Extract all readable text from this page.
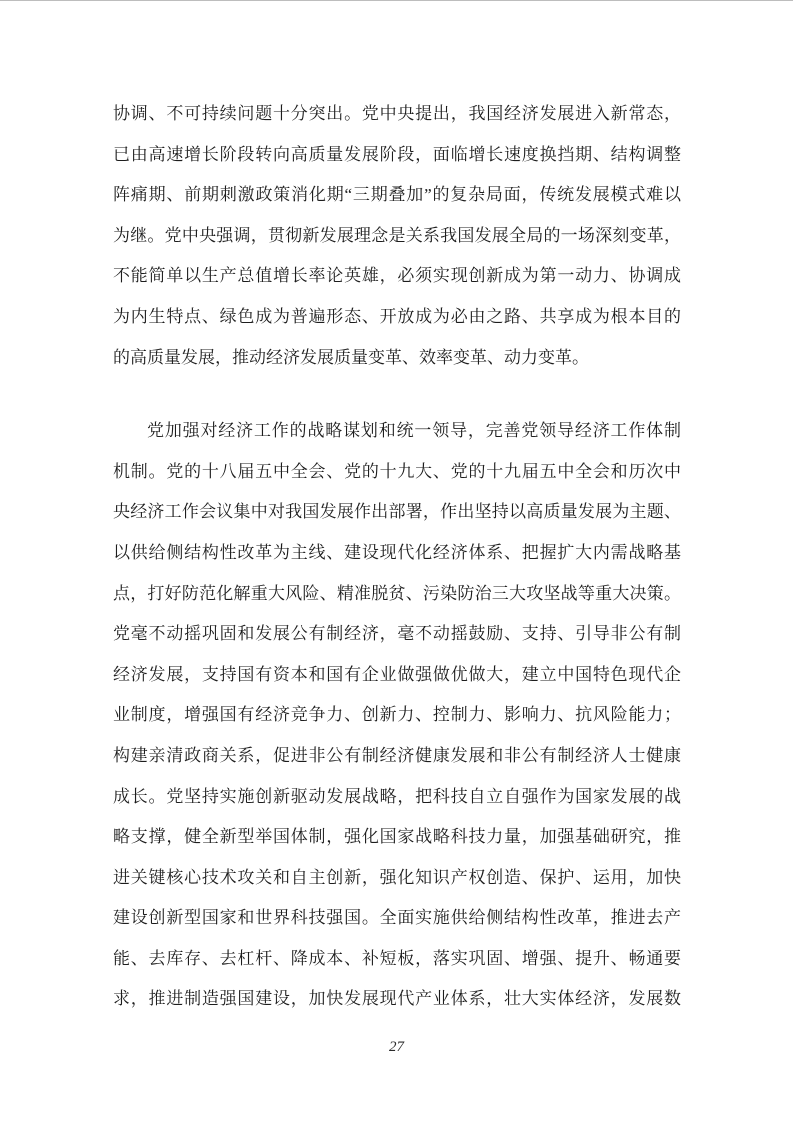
协调、不可持续问题十分突出。党中央提出，我国经济发展进入新常态，
已由高速增长阶段转向高质量发展阶段，面临增长速度换挡期、结构调整
阵痛期、前期刺激政策消化期“三期叠加”的复杂局面，传统发展模式难以
为继。党中央强调，贯彻新发展理念是关系我国发展全局的一场深刻变革，
不能简单以生产总值增长率论英雄，必须实现创新成为第一动力、协调成
为内生特点、绿色成为普遍形态、开放成为必由之路、共享成为根本目的
的高质量发展，推动经济发展质量变革、效率变革、动力变革。
党加强对经济工作的战略谋划和统一领导，完善党领导经济工作体制
机制。党的十八届五中全会、党的十九大、党的十九届五中全会和历次中
央经济工作会议集中对我国发展作出部署，作出坚持以高质量发展为主题、
以供给侧结构性改革为主线、建设现代化经济体系、把握扩大内需战略基
点，打好防范化解重大风险、精准脱贫、污染防治三大攻坚战等重大决策。
党毫不动摇巩固和发展公有制经济，毫不动摇鼓励、支持、引导非公有制
经济发展，支持国有资本和国有企业做强做优做大，建立中国特色现代企
业制度，增强国有经济竞争力、创新力、控制力、影响力、抗风险能力；
构建亲清政商关系，促进非公有制经济健康发展和非公有制经济人士健康
成长。党坚持实施创新驱动发展战略，把科技自立自强作为国家发展的战
略支撑，健全新型举国体制，强化国家战略科技力量，加强基础研究，推
进关键核心技术攻关和自主创新，强化知识产权创造、保护、运用，加快
建设创新型国家和世界科技强国。全面实施供给侧结构性改革，推进去产
能、去库存、去杠杆、降成本、补短板，落实巩固、增强、提升、畅通要
求，推进制造强国建设，加快发展现代产业体系，壮大实体经济，发展数
27
